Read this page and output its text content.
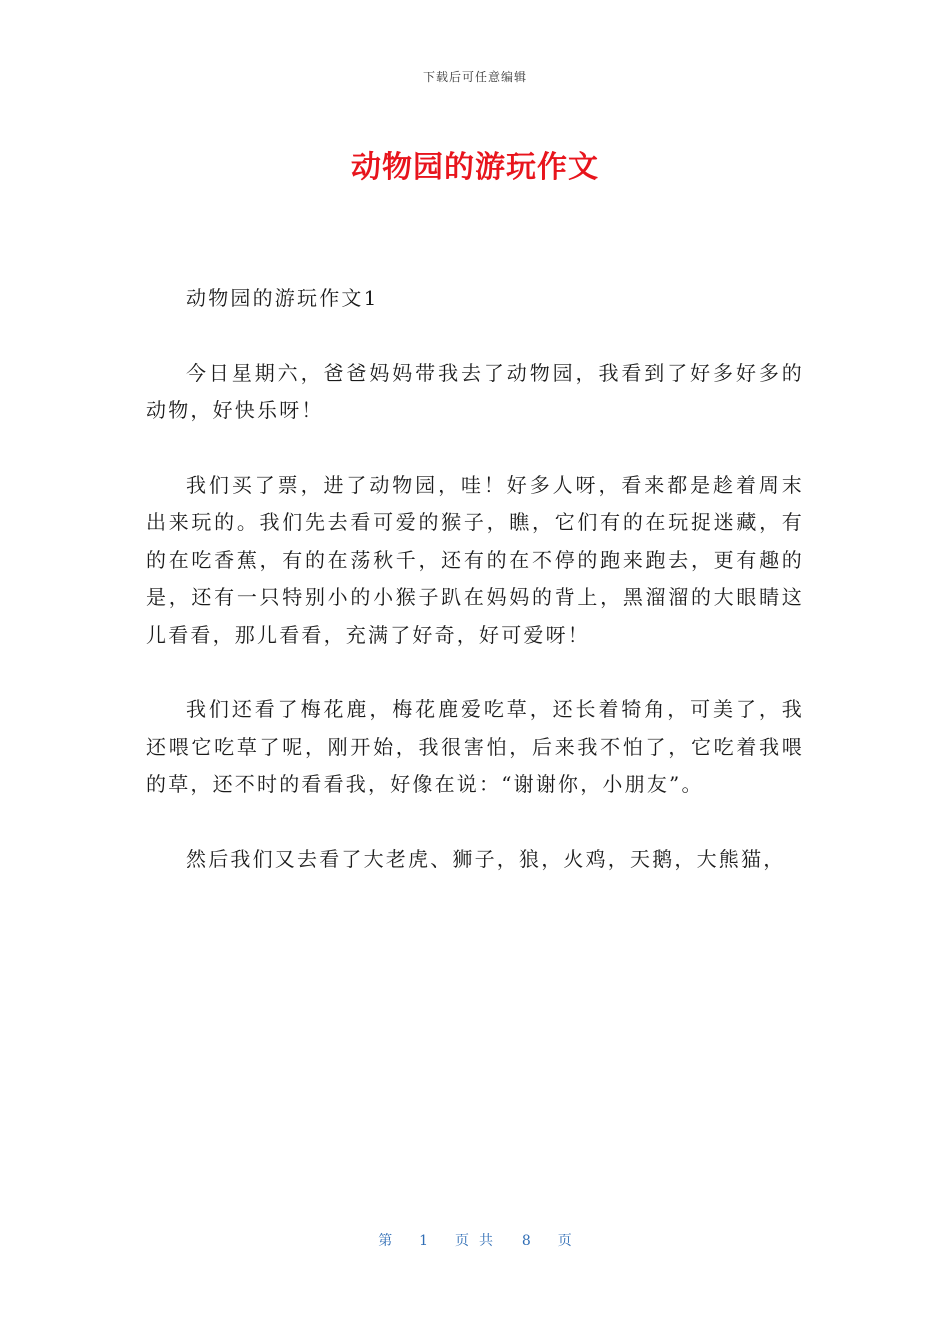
下载后可任意编辑
动物园的游玩作文

动物园的游玩作文1

今日星期六，爸爸妈妈带我去了动物园，我看到了好多好多的动物，好快乐呀！

我们买了票，进了动物园，哇！好多人呀，看来都是趁着周末出来玩的。我们先去看可爱的猴子，瞧，它们有的在玩捉迷藏，有的在吃香蕉，有的在荡秋千，还有的在不停的跑来跑去，更有趣的是，还有一只特别小的小猴子趴在妈妈的背上，黑溜溜的大眼睛这儿看看，那儿看看，充满了好奇，好可爱呀！

我们还看了梅花鹿，梅花鹿爱吃草，还长着犄角，可美了，我还喂它吃草了呢，刚开始，我很害怕，后来我不怕了，它吃着我喂的草，还不时的看看我，好像在说：“谢谢你，小朋友”。

然后我们又去看了大老虎、狮子，狼，火鸡，天鹅，大熊猫，

第 1 页共 8 页
